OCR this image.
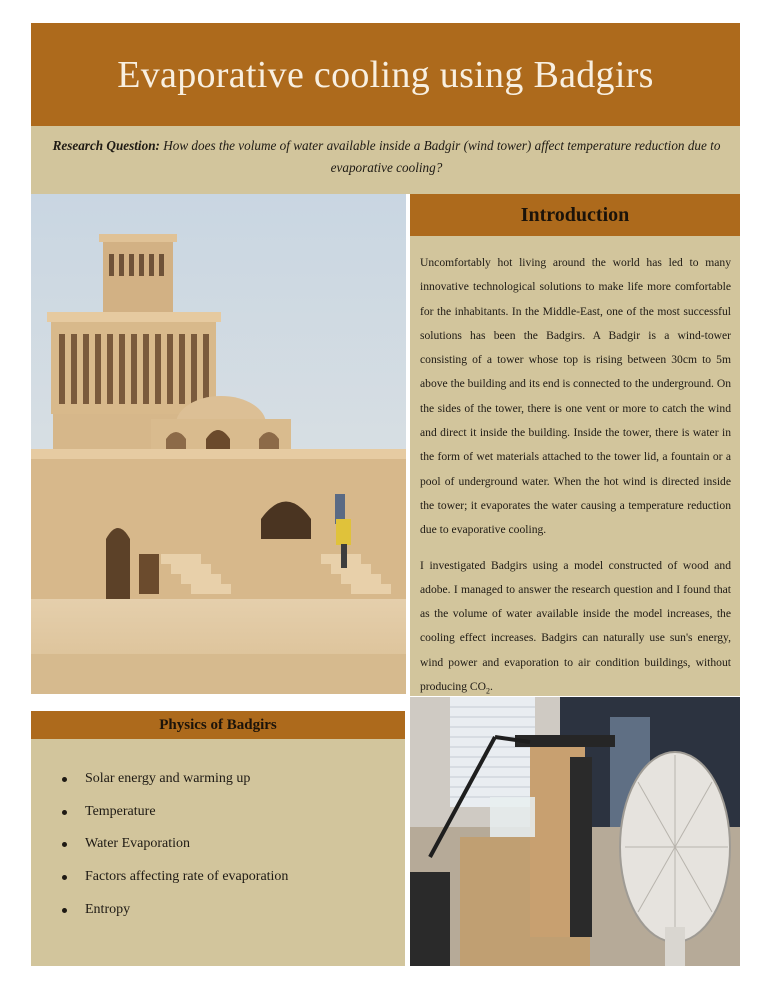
Evaporative cooling using Badgirs
Research Question: How does the volume of water available inside a Badgir (wind tower) affect temperature reduction due to evaporative cooling?
Introduction

Uncomfortably hot living around the world has led to many innovative technological solutions to make life more comfortable for the inhabitants. In the Middle-East, one of the most successful solutions has been the Badgirs. A Badgir is a wind-tower consisting of a tower whose top is rising between 30cm to 5m above the building and its end is connected to the underground. On the sides of the tower, there is one vent or more to catch the wind and direct it inside the building. Inside the tower, there is water in the form of wet materials attached to the tower lid, a fountain or a pool of underground water. When the hot wind is directed inside the tower; it evaporates the water causing a temperature reduction due to evaporative cooling.

I investigated Badgirs using a model constructed of wood and adobe. I managed to answer the research question and I found that as the volume of water available inside the model increases, the cooling effect increases. Badgirs can naturally use sun's energy, wind power and evaporation to air condition buildings, without producing $CO_2$.

Physics of Badgirs
Solar energy and warming up
Temperature
Water Evaporation
Factors affecting rate of evaporation
Entropy
